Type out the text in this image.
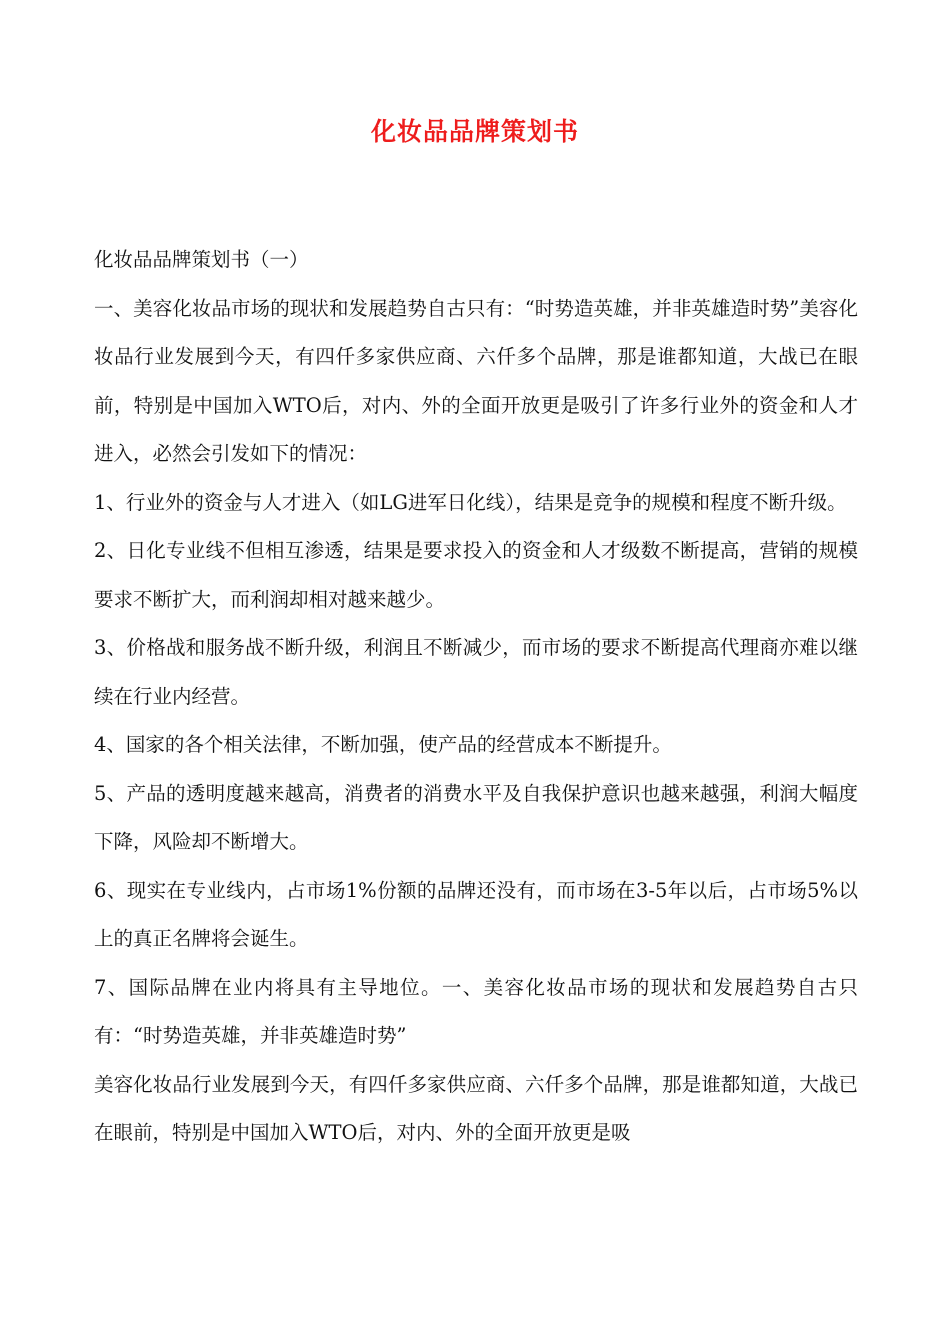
化妆品品牌策划书

化妆品品牌策划书（一）

一、美容化妆品市场的现状和发展趋势自古只有：“时势造英雄，并非英雄造时势”美容化妆品行业发展到今天，有四仟多家供应商、六仟多个品牌，那是谁都知道，大战已在眼前，特别是中国加入WTO后，对内、外的全面开放更是吸引了许多行业外的资金和人才进入，必然会引发如下的情况：

1、行业外的资金与人才进入（如LG进军日化线），结果是竞争的规模和程度不断升级。

2、日化专业线不但相互渗透，结果是要求投入的资金和人才级数不断提高，营销的规模要求不断扩大，而利润却相对越来越少。

3、价格战和服务战不断升级，利润且不断减少，而市场的要求不断提高代理商亦难以继续在行业内经营。

4、国家的各个相关法律，不断加强，使产品的经营成本不断提升。

5、产品的透明度越来越高，消费者的消费水平及自我保护意识也越来越强，利润大幅度下降，风险却不断增大。

6、现实在专业线内，占市场1%份额的品牌还没有，而市场在3-5年以后，占市场5%以上的真正名牌将会诞生。

7、国际品牌在业内将具有主导地位。一、美容化妆品市场的现状和发展趋势自古只有：“时势造英雄，并非英雄造时势”

美容化妆品行业发展到今天，有四仟多家供应商、六仟多个品牌，那是谁都知道，大战已在眼前，特别是中国加入WTO后，对内、外的全面开放更是吸
